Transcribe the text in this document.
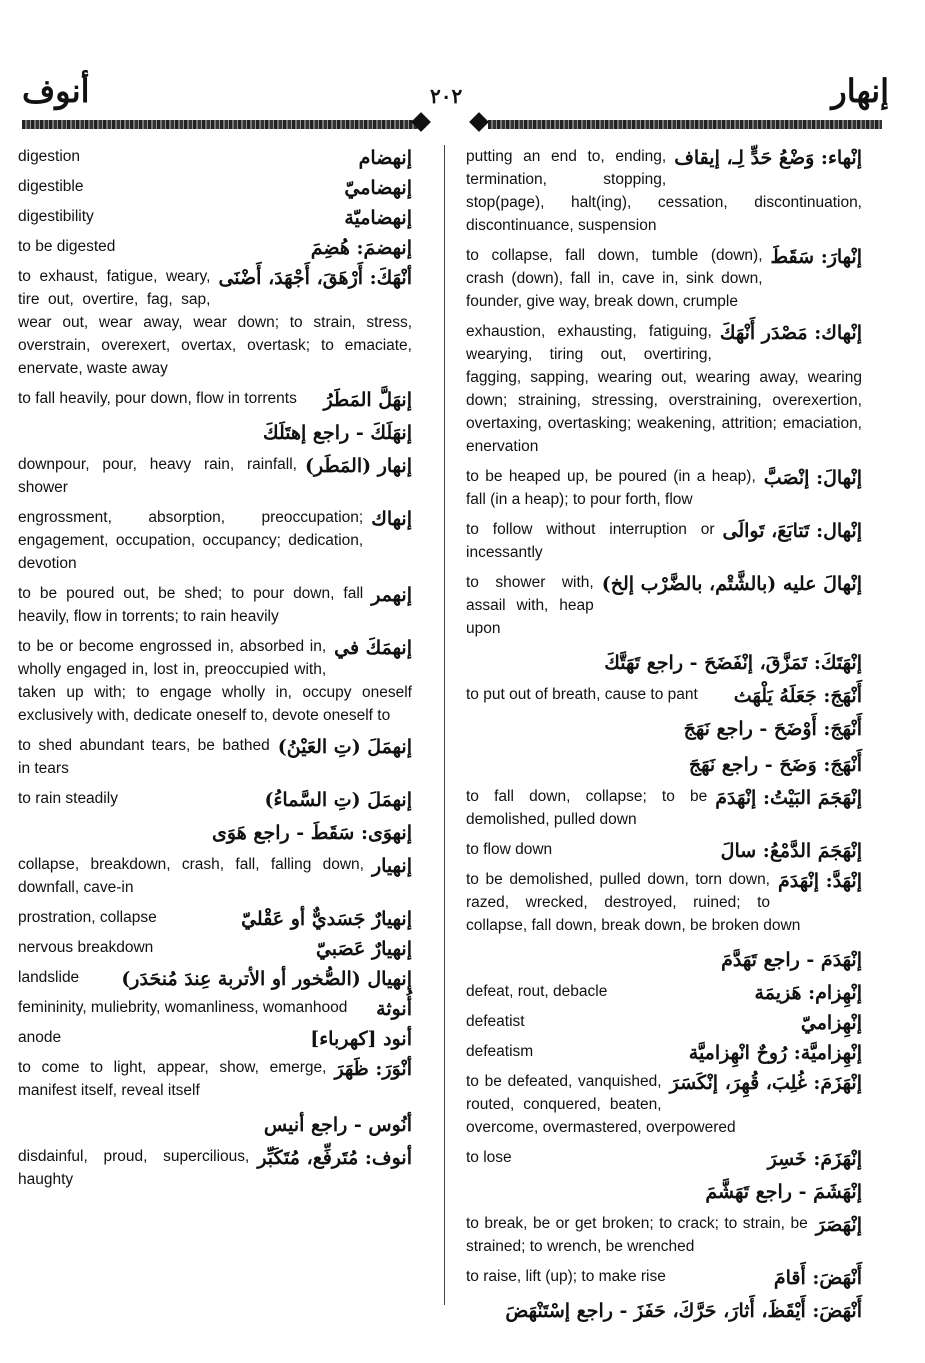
أنوف	٢٠٢	إنهار
إنهضام
digestion
إنهضاميّ
digestible
إنهضاميّة
digestibility
إنهضمَ: هُضِمَ
to be digested
أنْهَكَ: أَرْهَقَ، أَجْهَدَ، أَضْنَى
to exhaust, fatigue, weary, tire out, overtire, fag, sap, wear out, wear away, wear down; to strain, stress, overstrain, overexert, overtax, overtask; to emaciate, enervate, waste away
إنهَلَّ المَطَرُ
to fall heavily, pour down, flow in torrents
إنهَلَكَ - راجع إهتَلَكَ
إنهار (المَطَر)
downpour, pour, heavy rain, rainfall, shower
إنهاك
engrossment, absorption, preoccupation; engagement, occupation, occupancy; dedication, devotion
إنهمر
to be poured out, be shed; to pour down, fall heavily, flow in torrents; to rain heavily
إنهمَكَ في
to be or become engrossed in, absorbed in, wholly engaged in, lost in, preoccupied with, taken up with; to engage wholly in, occupy oneself exclusively with, dedicate oneself to, devote oneself to
إنهمَلَ (تِ العَيْنُ)
to shed abundant tears, be bathed in tears
إنهمَلَ (تِ السَّماءُ)
to rain steadily
إنهوَى: سَقَطَ - راجع هَوَى
إنهيار
collapse, breakdown, crash, fall, falling down, downfall, cave-in
إنهيارٌ جَسَديٌّ أو عَقْليّ
prostration, collapse
إنهيارٌ عَصَبيّ
nervous breakdown
إنهيال (الصُّخور أو الأتربة عِندَ مُنحَدَر)
landslide
أُنوثة
femininity, muliebrity, womanliness, womanhood
أنود [كهرباء]
anode
أنْوَرَ: ظَهَرَ
to come to light, appear, show, emerge, manifest itself, reveal itself
أنُوس - راجع أنيس
أنوف: مُتَرفِّع، مُتَكَبِّر
disdainful, proud, supercilious, haughty
إنْهاء: وَضْعُ حَدٍّ لِـ، إيقاف
putting an end to, ending, termination, stopping, stop(page), halt(ing), cessation, discontinuation, discontinuance, suspension
إنْهارَ: سَقَطَ
to collapse, fall down, tumble (down), crash (down), fall in, cave in, sink down, founder, give way, break down, crumple
إنْهاك: مَصْدَر أَنْهَكَ
exhaustion, exhausting, fatiguing, wearying, tiring out, overtiring, fagging, sapping, wearing out, wearing away, wearing down; straining, stressing, overstraining, overexertion, overtaxing, overtasking; weakening, attrition; emaciation, enervation
إنْهالَ: إنْصَبَّ
to be heaped up, be poured (in a heap), fall (in a heap); to pour forth, flow
إنْهال: تَتابَعَ، تَوالَى
to follow without interruption or incessantly
إنْهالَ عليه (بالشَّتْم، بالضَّرْب إلخ)
to shower with, assail with, heap upon
إنْهَتَكَ: تَمَزَّقَ، إنْفَضَحَ - راجع تَهَتَّكَ
أَنْهَجَ: جَعَلَهُ يَلْهَث
to put out of breath, cause to pant
أَنْهَجَ: أَوْضَحَ - راجع نَهَجَ
أَنْهَجَ: وَضَحَ - راجع نَهَجَ
إنْهَجَمَ البَيْتُ: إنْهَدَمَ
to fall down, collapse; to be demolished, pulled down
إنْهَجَمَ الدَّمْعُ: سالَ
to flow down
إنْهَدَّ: إنْهَدَمَ
to be demolished, pulled down, torn down, razed, wrecked, destroyed, ruined; to collapse, fall down, break down, be broken down
إنْهَدَمَ - راجع تَهَدَّمَ
إنْهِزام: هَزيمَة
defeat, rout, debacle
إنْهِزاميّ
defeatist
إنْهِزاميَّة: رُوحٌ انْهِزاميَّة
defeatism
إنْهَزَمَ: غُلِبَ، قُهِرَ، إنْكَسَرَ
to be defeated, vanquished, routed, conquered, beaten, overcome, overmastered, overpowered
إنْهَزَمَ: خَسِرَ
to lose
إنْهَشَمَ - راجع تَهَشَّمَ
إنْهَصَرَ
to break, be or get broken; to crack; to strain, be strained; to wrench, be wrenched
أَنْهَضَ: أَقامَ
to raise, lift (up); to make rise
أَنْهَضَ: أَيْقَظَ، أَثارَ، حَرَّكَ، حَفَزَ - راجع إسْتَنْهَضَ
